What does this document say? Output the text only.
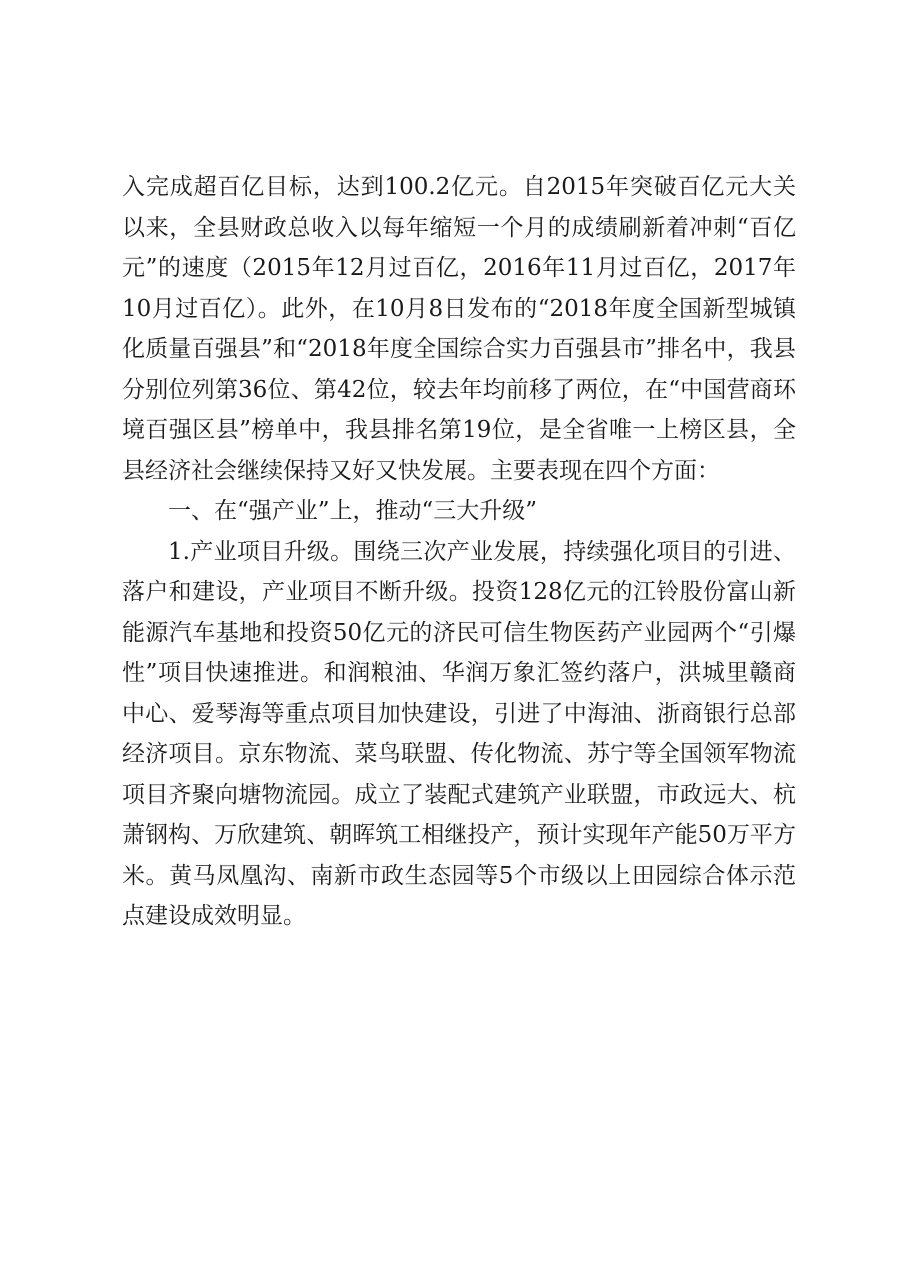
入完成超百亿目标，达到100.2亿元。自2015年突破百亿元大关以来，全县财政总收入以每年缩短一个月的成绩刷新着冲刺“百亿元”的速度（2015年12月过百亿，2016年11月过百亿，2017年10月过百亿）。此外，在10月8日发布的“2018年度全国新型城镇化质量百强县”和“2018年度全国综合实力百强县市”排名中，我县分别位列第36位、第42位，较去年均前移了两位，在“中国营商环境百强区县”榜单中，我县排名第19位，是全省唯一上榜区县，全县经济社会继续保持又好又快发展。主要表现在四个方面：

一、在“强产业”上，推动“三大升级”

1.产业项目升级。围绕三次产业发展，持续强化项目的引进、落户和建设，产业项目不断升级。投资128亿元的江铃股份富山新能源汽车基地和投资50亿元的济民可信生物医药产业园两个“引爆性”项目快速推进。和润粮油、华润万象汇签约落户，洪城里赣商中心、爱琴海等重点项目加快建设，引进了中海油、浙商银行总部经济项目。京东物流、菜鸟联盟、传化物流、苏宁等全国领军物流项目齐聚向塘物流园。成立了装配式建筑产业联盟，市政远大、杭萧钢构、万欣建筑、朝晖筑工相继投产，预计实现年产能50万平方米。黄马凤凰沟、南新市政生态园等5个市级以上田园综合体示范点建设成效明显。
